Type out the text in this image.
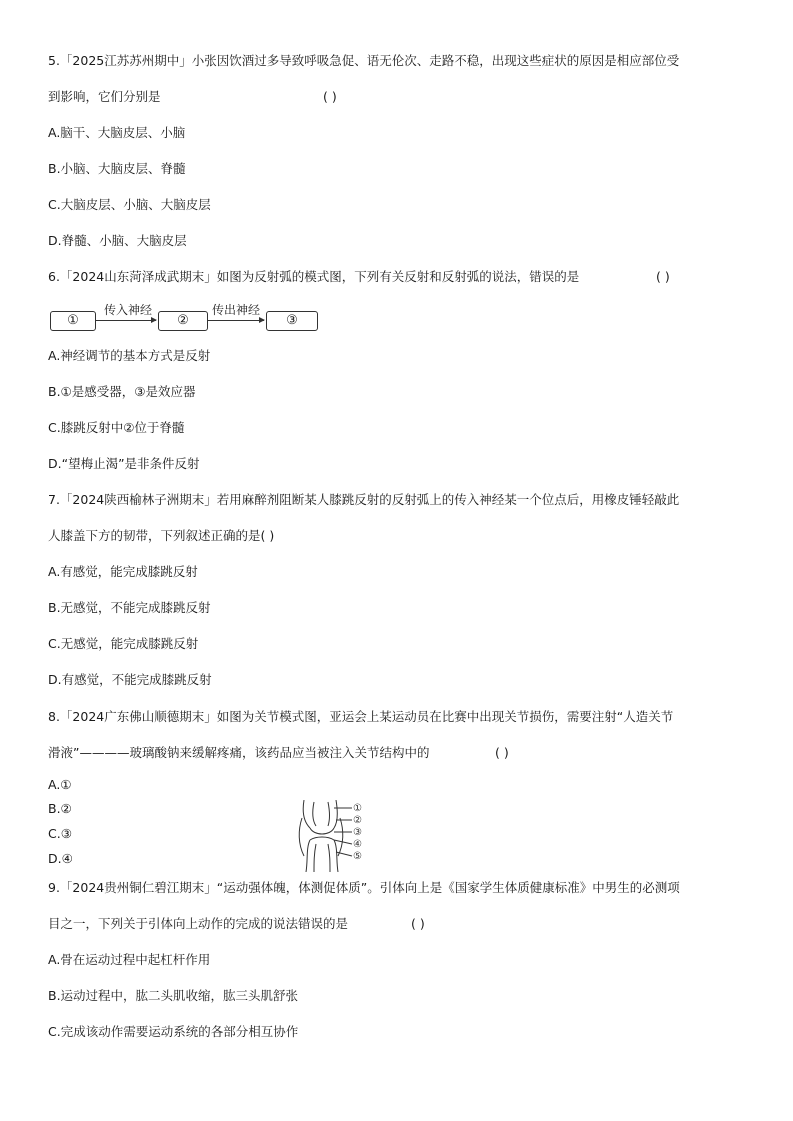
5.「2025江苏苏州期中」小张因饮酒过多导致呼吸急促、语无伦次、走路不稳，出现这些症状的原因是相应部位受
到影响，它们分别是	( )
A.脑干、大脑皮层、小脑
B.小脑、大脑皮层、脊髓
C.大脑皮层、小脑、大脑皮层
D.脊髓、小脑、大脑皮层
6.「2024山东菏泽成武期末」如图为反射弧的模式图，下列有关反射和反射弧的说法，错误的是	( )
①
传入神经
②
传出神经
③
A.神经调节的基本方式是反射
B.①是感受器，③是效应器
C.膝跳反射中②位于脊髓
D.“望梅止渴”是非条件反射
7.「2024陕西榆林子洲期末」若用麻醉剂阻断某人膝跳反射的反射弧上的传入神经某一个位点后，用橡皮锤轻敲此
人膝盖下方的韧带，下列叙述正确的是( )
A.有感觉，能完成膝跳反射
B.无感觉，不能完成膝跳反射
C.无感觉，能完成膝跳反射
D.有感觉，不能完成膝跳反射
8.「2024广东佛山顺德期末」如图为关节模式图，亚运会上某运动员在比赛中出现关节损伤，需要注射“人造关节
滑液”————玻璃酸钠来缓解疼痛，该药品应当被注入关节结构中的	( )
A.①
B.②
C.③
D.④
①
②
③
④
⑤
9.「2024贵州铜仁碧江期末」“运动强体魄，体测促体质”。引体向上是《国家学生体质健康标准》中男生的必测项
目之一，下列关于引体向上动作的完成的说法错误的是	( )
A.骨在运动过程中起杠杆作用
B.运动过程中，肱二头肌收缩，肱三头肌舒张
C.完成该动作需要运动系统的各部分相互协作
